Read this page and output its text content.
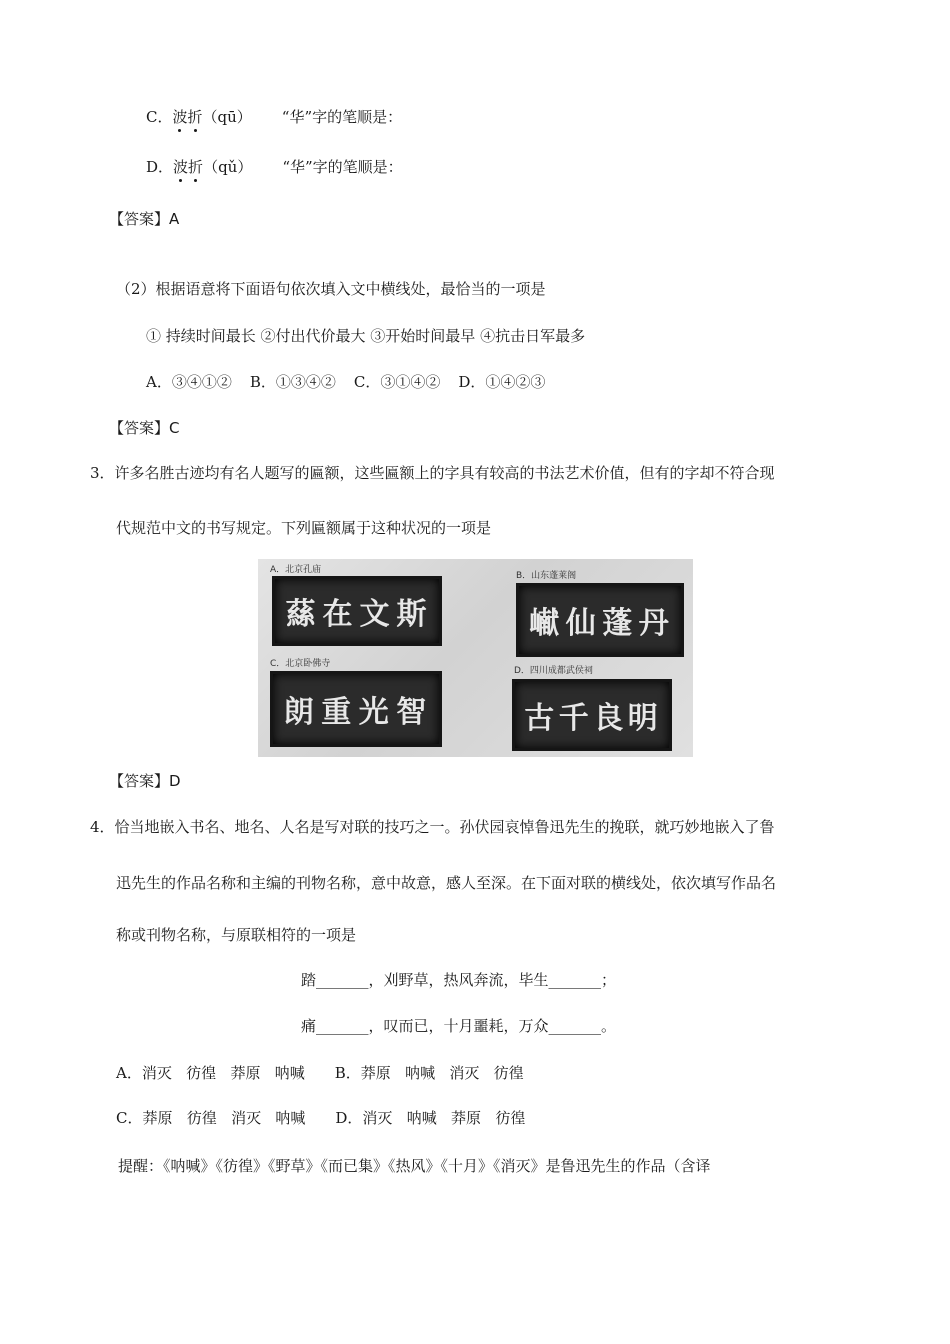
C．波折（qū） “华”字的笔顺是：
D．波折（qǔ） “华”字的笔顺是：
【答案】A
（2）根据语意将下面语句依次填入文中横线处，最恰当的一项是
① 持续时间最长 ②付出代价最大 ③开始时间最早 ④抗击日军最多
A．③④①② B．①③④② C．③①④② D．①④②③
【答案】C
3．许多名胜古迹均有名人题写的匾额，这些匾额上的字具有较高的书法艺术价值，但有的字却不符合现
代规范中文的书写规定。下列匾额属于这种状况的一项是
A．北京孔庙
蕬 在 文 斯
B．山东蓬莱阁
𪩘 仙 蓬 丹
C．北京卧佛寺
朗 重 光 智
D．四川成都武侯祠
古 千 良 明
【答案】D
4．恰当地嵌入书名、地名、人名是写对联的技巧之一。孙伏园哀悼鲁迅先生的挽联，就巧妙地嵌入了鲁
迅先生的作品名称和主编的刊物名称，意中故意，感人至深。在下面对联的横线处，依次填写作品名
称或刊物名称，与原联相符的一项是
踏_______，刈野草，热风奔流，毕生_______；
痛_______，叹而已，十月噩耗，万众_______。
A．消灭   彷徨   莽原   呐喊 B．莽原   呐喊   消灭   彷徨
C．莽原   彷徨   消灭   呐喊 D．消灭   呐喊   莽原   彷徨
提醒：《呐喊》《彷徨》《野草》《而已集》《热风》《十月》《消灭》是鲁迅先生的作品（含译
